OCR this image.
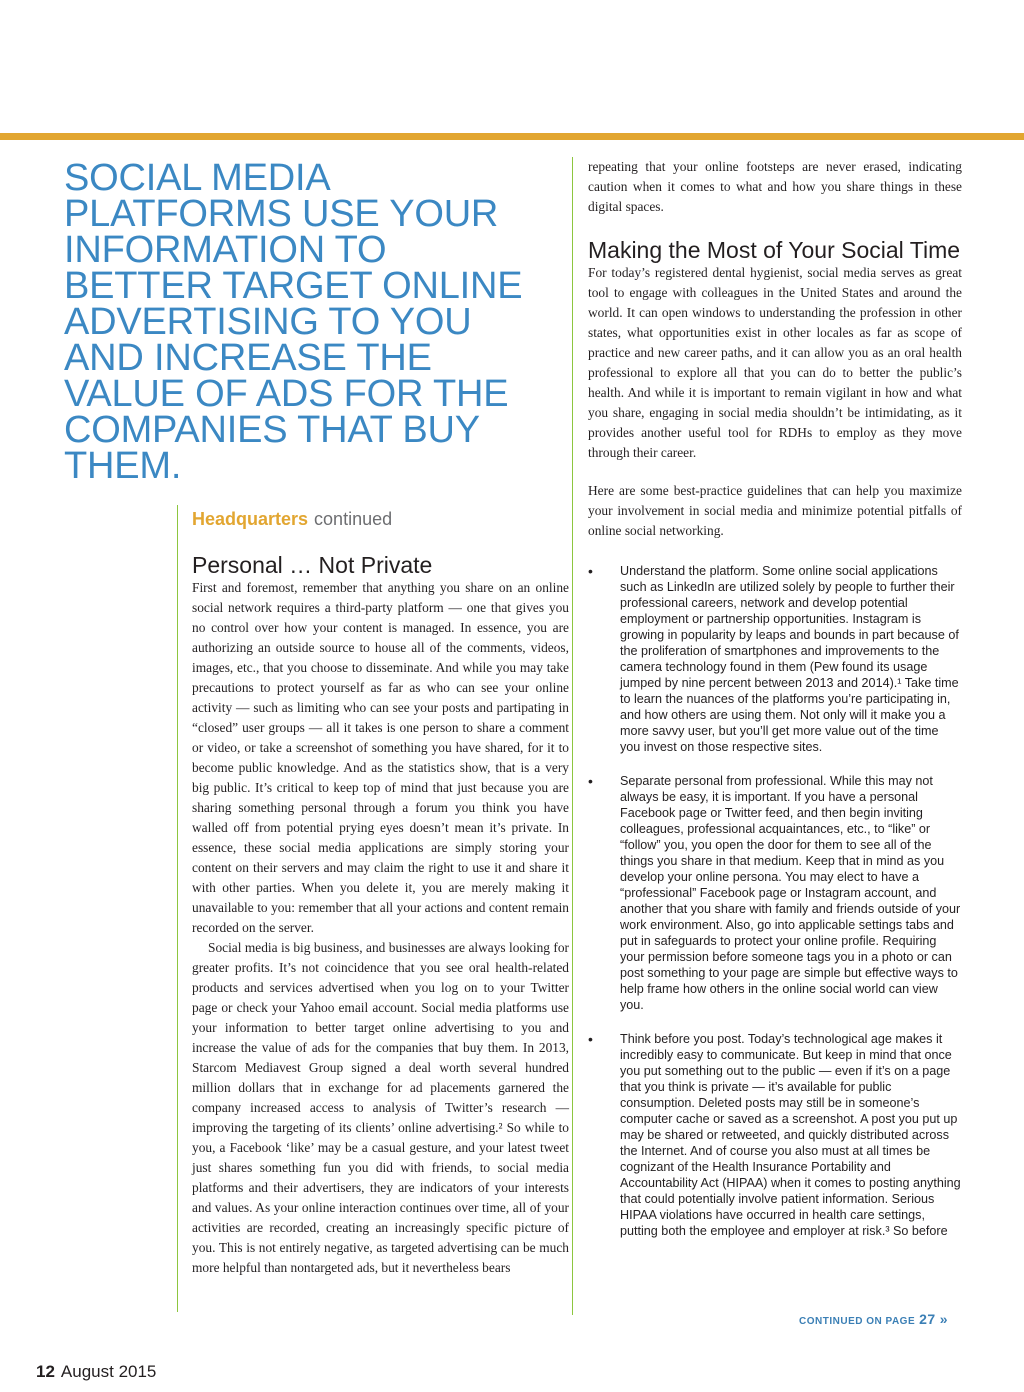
SOCIAL MEDIA PLATFORMS USE YOUR INFORMATION TO BETTER TARGET ONLINE ADVERTISING TO YOU AND INCREASE THE VALUE OF ADS FOR THE COMPANIES THAT BUY THEM.
Headquarters continued
Personal … Not Private

First and foremost, remember that anything you share on an online social network requires a third-party platform — one that gives you no control over how your content is managed. In essence, you are authorizing an outside source to house all of the comments, videos, images, etc., that you choose to disseminate. And while you may take precautions to protect yourself as far as who can see your online activity — such as limiting who can see your posts and partipating in “closed” user groups — all it takes is one person to share a comment or video, or take a screenshot of something you have shared, for it to become public knowledge. And as the statistics show, that is a very big public. It’s critical to keep top of mind that just because you are sharing something personal through a forum you think you have walled off from potential prying eyes doesn’t mean it’s private. In essence, these social media applications are simply storing your content on their servers and may claim the right to use it and share it with other parties. When you delete it, you are merely making it unavailable to you: remember that all your actions and content remain recorded on the server.

Social media is big business, and businesses are always looking for greater profits. It’s not coincidence that you see oral health-related products and services advertised when you log on to your Twitter page or check your Yahoo email account. Social media platforms use your information to better target online advertising to you and increase the value of ads for the companies that buy them. In 2013, Starcom Mediavest Group signed a deal worth several hundred million dollars that in exchange for ad placements garnered the company increased access to analysis of Twitter’s research — improving the targeting of its clients’ online advertising.² So while to you, a Facebook ‘like’ may be a casual gesture, and your latest tweet just shares something fun you did with friends, to social media platforms and their advertisers, they are indicators of your interests and values. As your online interaction continues over time, all of your activities are recorded, creating an increasingly specific picture of you. This is not entirely negative, as targeted advertising can be much more helpful than nontargeted ads, but it nevertheless bears

repeating that your online footsteps are never erased, indicating caution when it comes to what and how you share things in these digital spaces.

Making the Most of Your Social Time

For today’s registered dental hygienist, social media serves as great tool to engage with colleagues in the United States and around the world. It can open windows to understanding the profession in other states, what opportunities exist in other locales as far as scope of practice and new career paths, and it can allow you as an oral health professional to explore all that you can do to better the public’s health. And while it is important to remain vigilant in how and what you share, engaging in social media shouldn’t be intimidating, as it provides another useful tool for RDHs to employ as they move through their career.

Here are some best-practice guidelines that can help you maximize your involvement in social media and minimize potential pitfalls of online social networking.

•	Understand the platform. Some online social applications such as LinkedIn are utilized solely by people to further their professional careers, network and develop potential employment or partnership opportunities. Instagram is growing in popularity by leaps and bounds in part because of the proliferation of smartphones and improvements to the camera technology found in them (Pew found its usage jumped by nine percent between 2013 and 2014).¹ Take time to learn the nuances of the platforms you’re participating in, and how others are using them. Not only will it make you a more savvy user, but you’ll get more value out of the time you invest on those respective sites.
•	Separate personal from professional. While this may not always be easy, it is important. If you have a personal Facebook page or Twitter feed, and then begin inviting colleagues, professional acquaintances, etc., to “like” or “follow” you, you open the door for them to see all of the things you share in that medium. Keep that in mind as you develop your online persona. You may elect to have a “professional” Facebook page or Instagram account, and another that you share with family and friends outside of your work environment. Also, go into applicable settings tabs and put in safeguards to protect your online profile. Requiring your permission before someone tags you in a photo or can post something to your page are simple but effective ways to help frame how others in the online social world can view you.
•	Think before you post. Today’s technological age makes it incredibly easy to communicate. But keep in mind that once you put something out to the public — even if it’s on a page that you think is private — it’s available for public consumption. Deleted posts may still be in someone’s computer cache or saved as a screenshot. A post you put up may be shared or retweeted, and quickly distributed across the Internet. And of course you also must at all times be cognizant of the Health Insurance Portability and Accountability Act (HIPAA) when it comes to posting anything that could potentially involve patient information. Serious HIPAA violations have occurred in health care settings, putting both the employee and employer at risk.³ So before
CONTINUED ON PAGE 27 »
12 August 2015
